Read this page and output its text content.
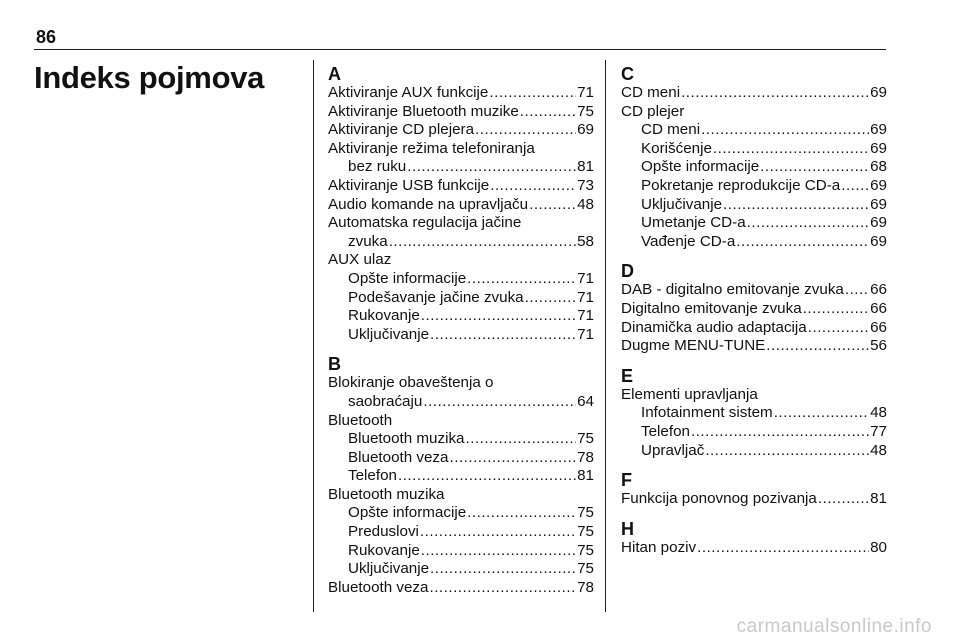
86
Indeks pojmova	A
Aktiviranje AUX funkcije .....	71
Aktiviranje Bluetooth muzike .....	75
Aktiviranje CD plejera .....	69
Aktiviranje režima telefoniranja
bez ruku .....	81
Aktiviranje USB funkcije .....	73
Audio komande na upravljaču .....	48
Automatska regulacija jačine
zvuka .....	58
AUX ulaz
Opšte informacije .....	71
Podešavanje jačine zvuka .....	71
Rukovanje .....	71
Uključivanje .....	71
B
Blokiranje obaveštenja o
saobraćaju .....	64
Bluetooth
Bluetooth muzika .....	75
Bluetooth veza .....	78
Telefon .....	81
Bluetooth muzika
Opšte informacije .....	75
Preduslovi .....	75
Rukovanje .....	75
Uključivanje .....	75
Bluetooth veza .....	78
C
CD meni .....	69
CD plejer
CD meni .....	69
Korišćenje .....	69
Opšte informacije .....	68
Pokretanje reprodukcije CD-a ..... 69
Uključivanje .....	69
Umetanje CD-a .....	69
Vađenje CD-a .....	69
D
DAB - digitalno emitovanje zvuka ..... 66
Digitalno emitovanje zvuka .....	66
Dinamička audio adaptacija .....	66
Dugme MENU-TUNE .....	56
E
Elementi upravljanja
Infotainment sistem .....	48
Telefon .....	77
Upravljač .....	48
F
Funkcija ponovnog pozivanja .....	81
H
Hitan poziv .....	80
carmanualsonline.info
